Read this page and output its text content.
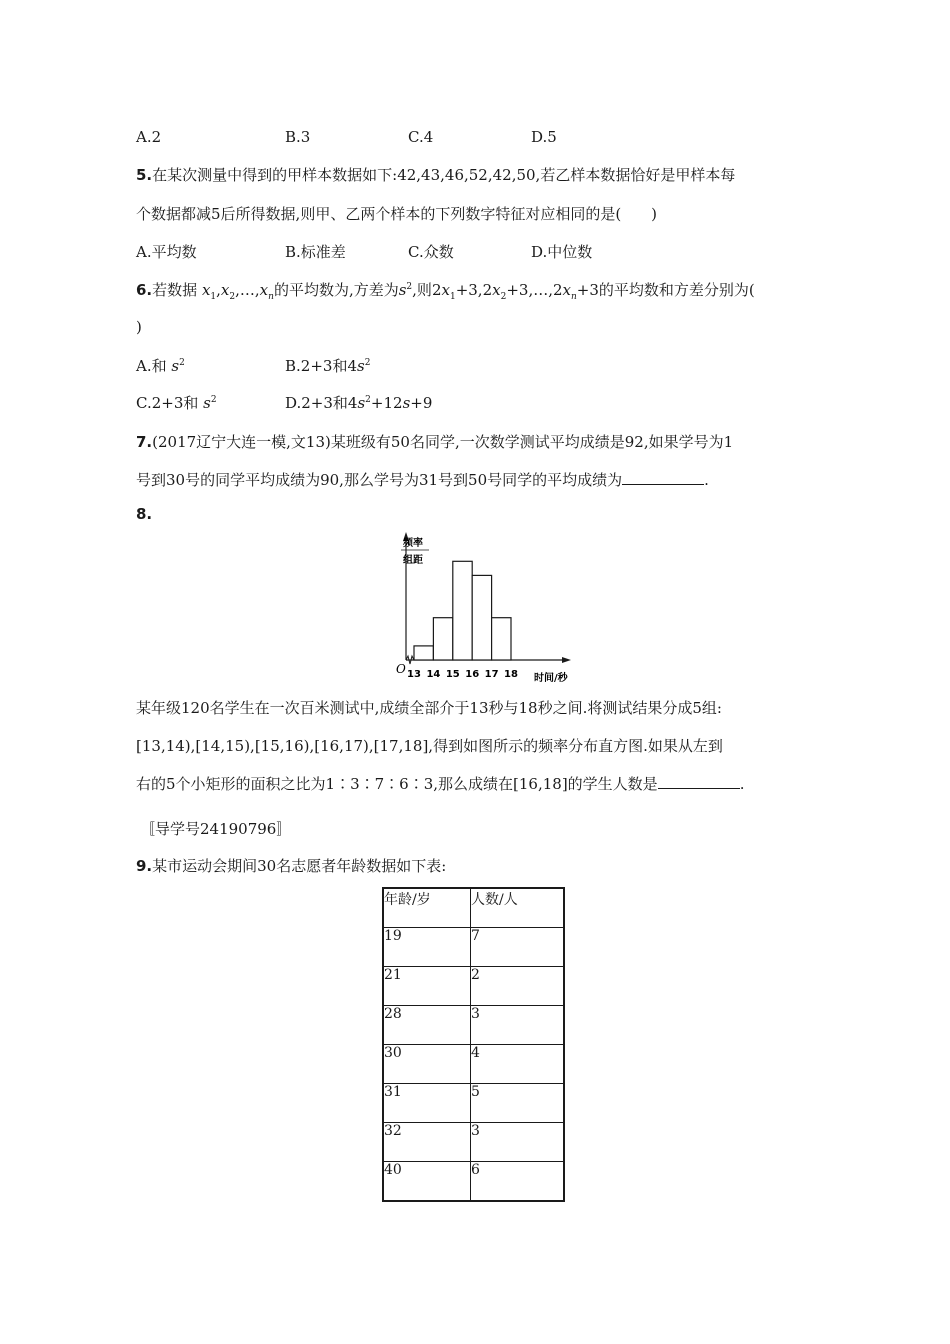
A.2	B.3	C.4	D.5
5.在某次测量中得到的甲样本数据如下:42,43,46,52,42,50,若乙样本数据恰好是甲样本每
个数据都减5后所得数据,则甲、乙两个样本的下列数字特征对应相同的是(　　)
A.平均数	B.标准差	C.众数	D.中位数
6.若数据 $x_1,x_2,\dots,x_n$的平均数为,方差为$s^2$,则$2x_1+3,2x_2+3,\dots,2x_n+3$的平均数和方差分别为(
)
A.和 $s^2$	B.2+3和$4s^2$
C.2+3和 $s^2$	D.2+3和$4s^2+12s+9$
7.(2017辽宁大连一模,文13)某班级有50名同学,一次数学测试平均成绩是92,如果学号为1
号到30号的同学平均成绩为90,那么学号为31号到50号同学的平均成绩为	.
8.
O
频率
组距
13 14 15 16 17 18 时间/秒
某年级120名学生在一次百米测试中,成绩全部介于13秒与18秒之间.将测试结果分成5组:
[13,14),[14,15),[15,16),[16,17),[17,18],得到如图所示的频率分布直方图.如果从左到
右的5个小矩形的面积之比为1∶3∶7∶6∶3,那么成绩在[16,18]的学生人数是	.
〚导学号24190796〛
9.某市运动会期间30名志愿者年龄数据如下表:
年龄/岁	人数/人
19	7
21	2
28	3
30	4
31	5
32	3
40	6
